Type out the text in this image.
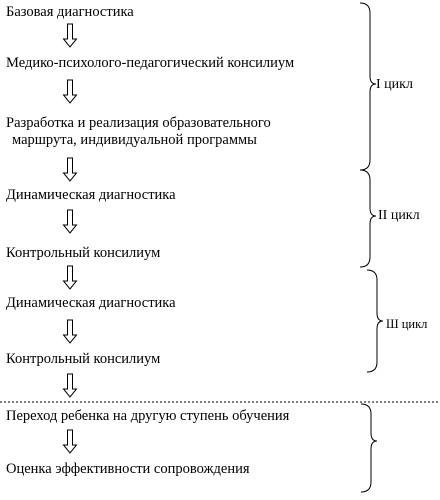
Базовая диагностика

Медико-психолого-педагогический консилиум

Разработка и реализация образовательного
маршрута, индивидуальной программы

Динамическая диагностика

Контрольный консилиум

Динамическая диагностика

Контрольный консилиум

Переход ребенка на другую ступень обучения

Оценка эффективности сопровождения

I цикл
II цикл
Ш цикл
